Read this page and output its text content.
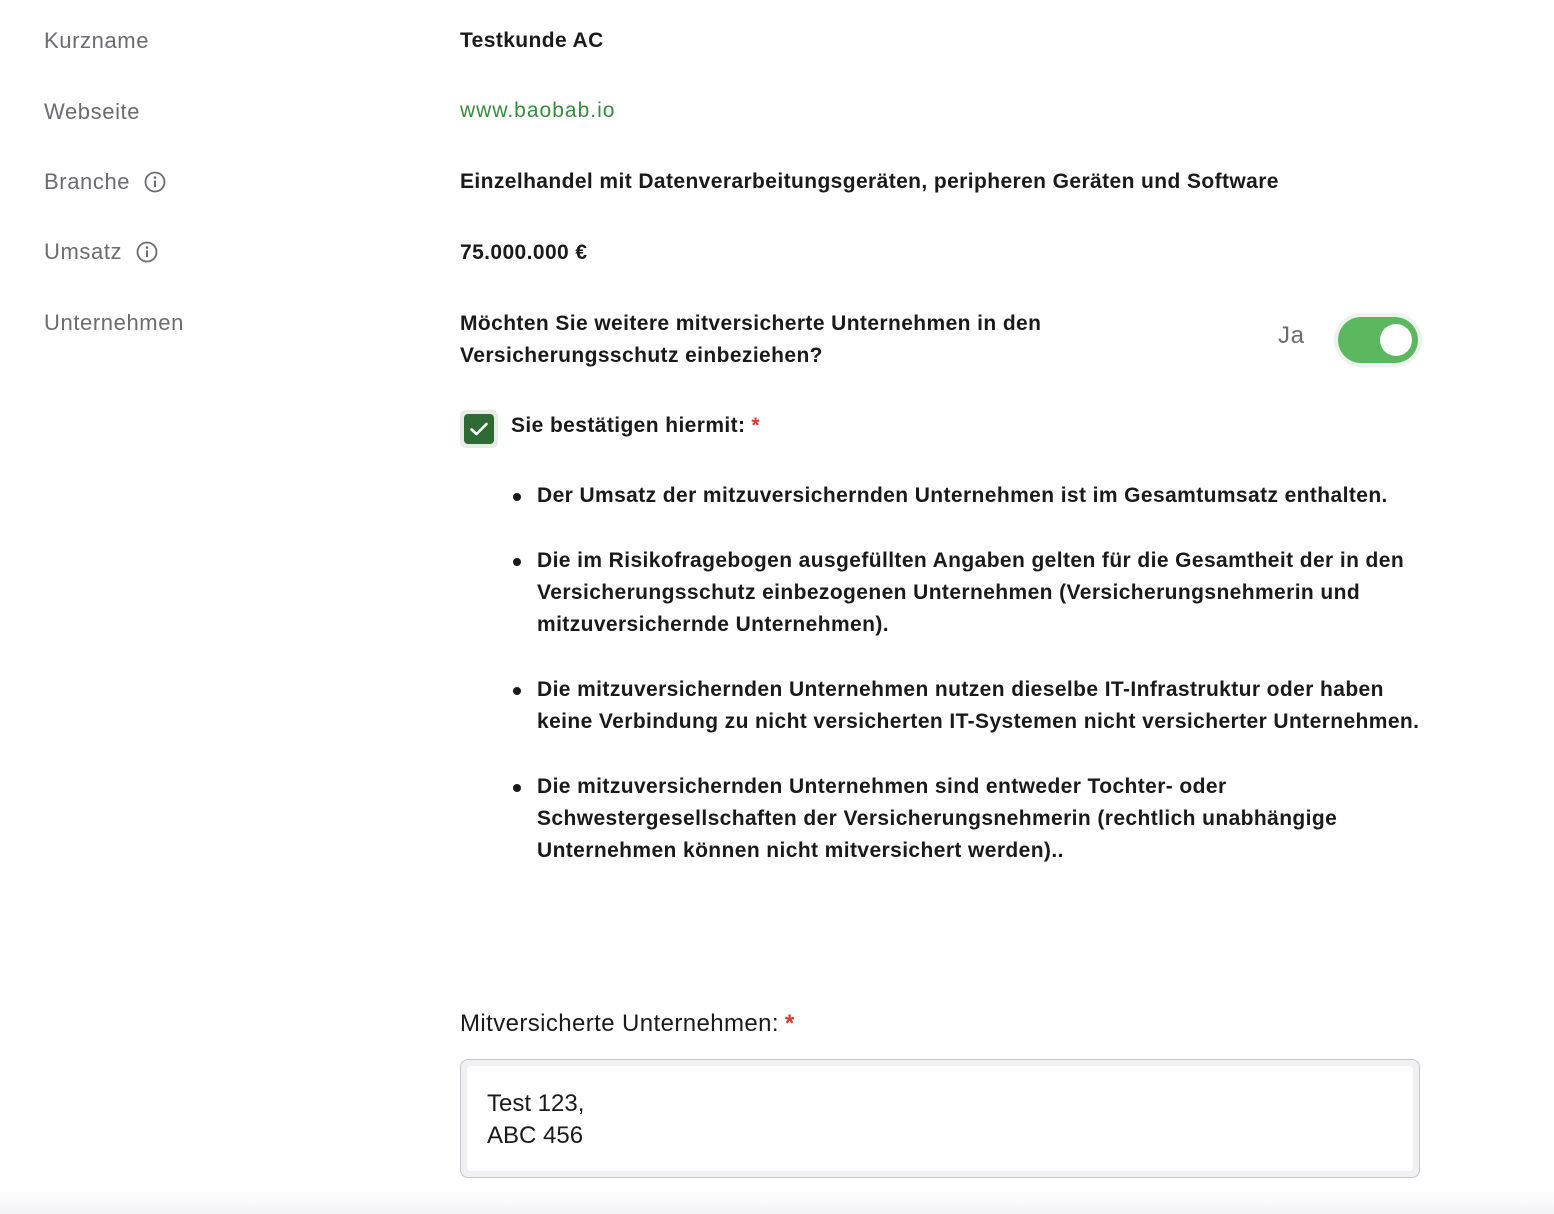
Kurzname	Testkunde AC
Webseite	www.baobab.io
Branche	Einzelhandel mit Datenverarbeitungsgeräten, peripheren Geräten und Software
Umsatz	75.000.000 €
Unternehmen	Möchten Sie weitere mitversicherte Unternehmen in den Versicherungsschutz einbeziehen?
Ja
Sie bestätigen hiermit: *
Der Umsatz der mitzuversichernden Unternehmen ist im Gesamtumsatz enthalten.
Die im Risikofragebogen ausgefüllten Angaben gelten für die Gesamtheit der in den Versicherungsschutz einbezogenen Unternehmen (Versicherungsnehmerin und mitzuversichernde Unternehmen).
Die mitzuversichernden Unternehmen nutzen dieselbe IT-Infrastruktur oder haben keine Verbindung zu nicht versicherten IT-Systemen nicht versicherter Unternehmen.
Die mitzuversichernden Unternehmen sind entweder Tochter- oder Schwestergesellschaften der Versicherungsnehmerin (rechtlich unabhängige Unternehmen können nicht mitversichert werden)..
Mitversicherte Unternehmen: *
Test 123, ABC 456
